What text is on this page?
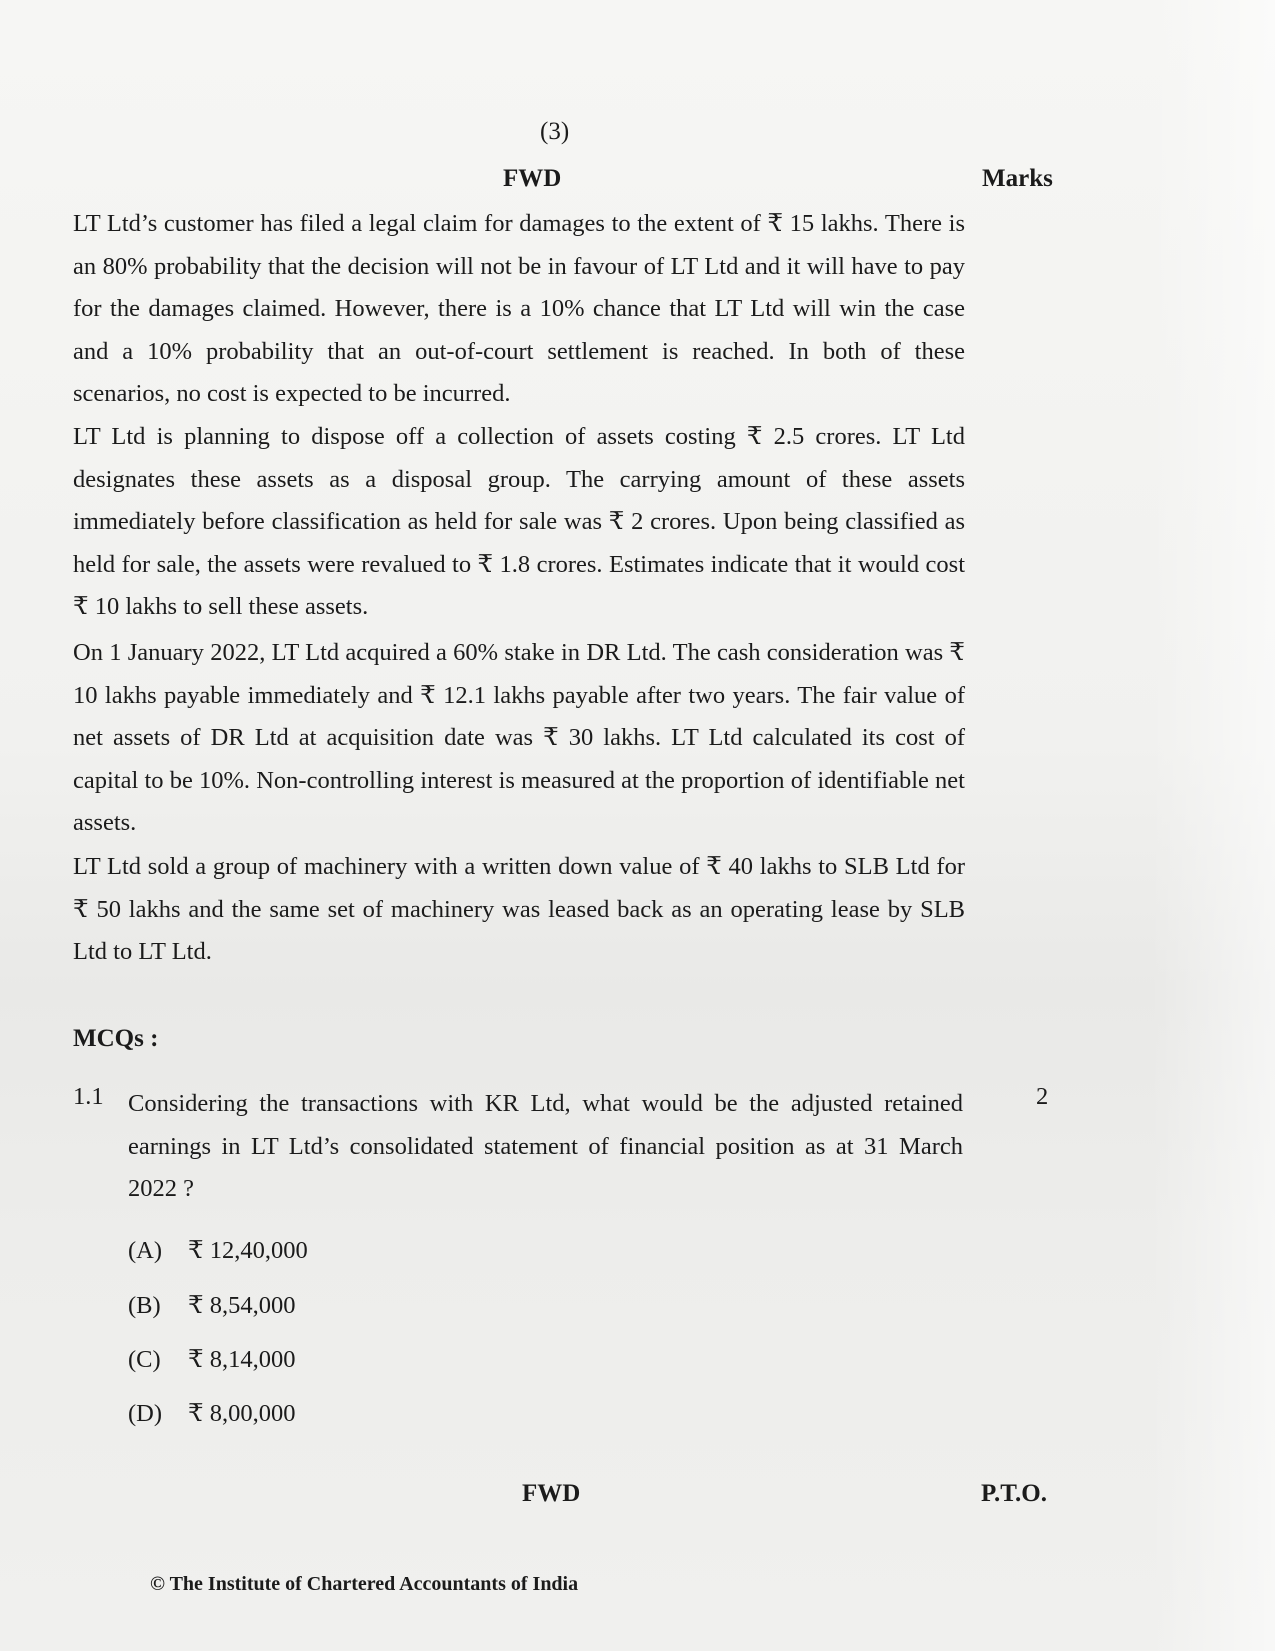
(3)
FWD	Marks
LT Ltd’s customer has filed a legal claim for damages to the extent of ₹ 15 lakhs. There is an 80% probability that the decision will not be in favour of LT Ltd and it will have to pay for the damages claimed. However, there is a 10% chance that LT Ltd will win the case and a 10% probability that an out-of-court settlement is reached. In both of these scenarios, no cost is expected to be incurred.
LT Ltd is planning to dispose off a collection of assets costing ₹ 2.5 crores. LT Ltd designates these assets as a disposal group. The carrying amount of these assets immediately before classification as held for sale was ₹ 2 crores. Upon being classified as held for sale, the assets were revalued to ₹ 1.8 crores. Estimates indicate that it would cost ₹ 10 lakhs to sell these assets.
On 1 January 2022, LT Ltd acquired a 60% stake in DR Ltd. The cash consideration was ₹ 10 lakhs payable immediately and ₹ 12.1 lakhs payable after two years. The fair value of net assets of DR Ltd at acquisition date was ₹ 30 lakhs. LT Ltd calculated its cost of capital to be 10%. Non-controlling interest is measured at the proportion of identifiable net assets.
LT Ltd sold a group of machinery with a written down value of ₹ 40 lakhs to SLB Ltd for ₹ 50 lakhs and the same set of machinery was leased back as an operating lease by SLB Ltd to LT Ltd.
MCQs :
1.1 Considering the transactions with KR Ltd, what would be the adjusted retained earnings in LT Ltd’s consolidated statement of financial position as at 31 March 2022 ?
2
(A) ₹ 12,40,000
(B) ₹ 8,54,000
(C) ₹ 8,14,000
(D) ₹ 8,00,000
FWD	P.T.O.
© The Institute of Chartered Accountants of India
